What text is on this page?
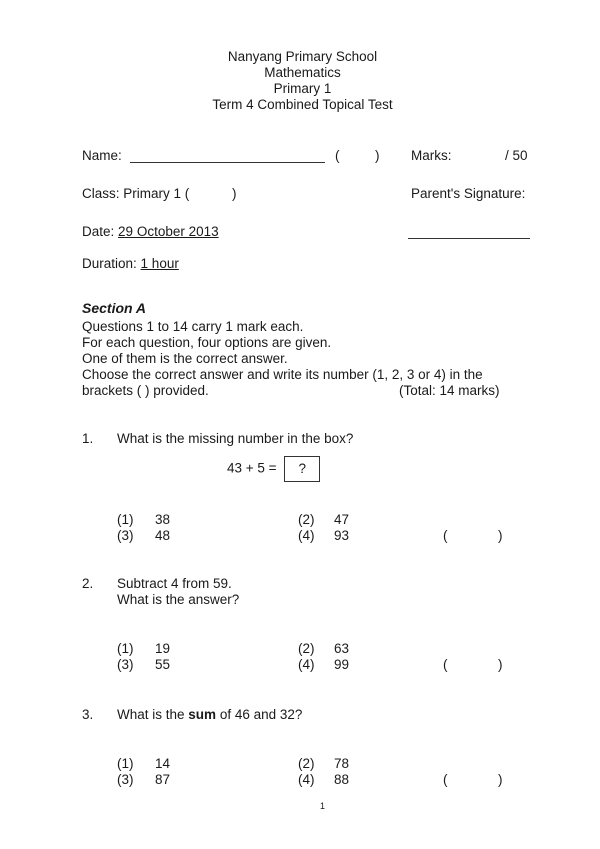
Nanyang Primary School
Mathematics
Primary 1
Term 4 Combined Topical Test
Name:	(	) Marks:	/ 50
Class: Primary 1 (	)	Parent's Signature:
Date: 29 October 2013
Duration: 1 hour
Section A
Questions 1 to 14 carry 1 mark each.
For each question, four options are given.
One of them is the correct answer.
Choose the correct answer and write its number (1, 2, 3 or 4) in the
brackets ( ) provided.	(Total: 14 marks)
1. What is the missing number in the box?
43 + 5 = ?
(1) 38	(2) 47
(3) 48	(4) 93	(	)
2. Subtract 4 from 59.
What is the answer?
(1) 19	(2) 63
(3) 55	(4) 99	(	)
3. What is the sum of 46 and 32?
(1) 14	(2) 78
(3) 87	(4) 88	(	)
1
